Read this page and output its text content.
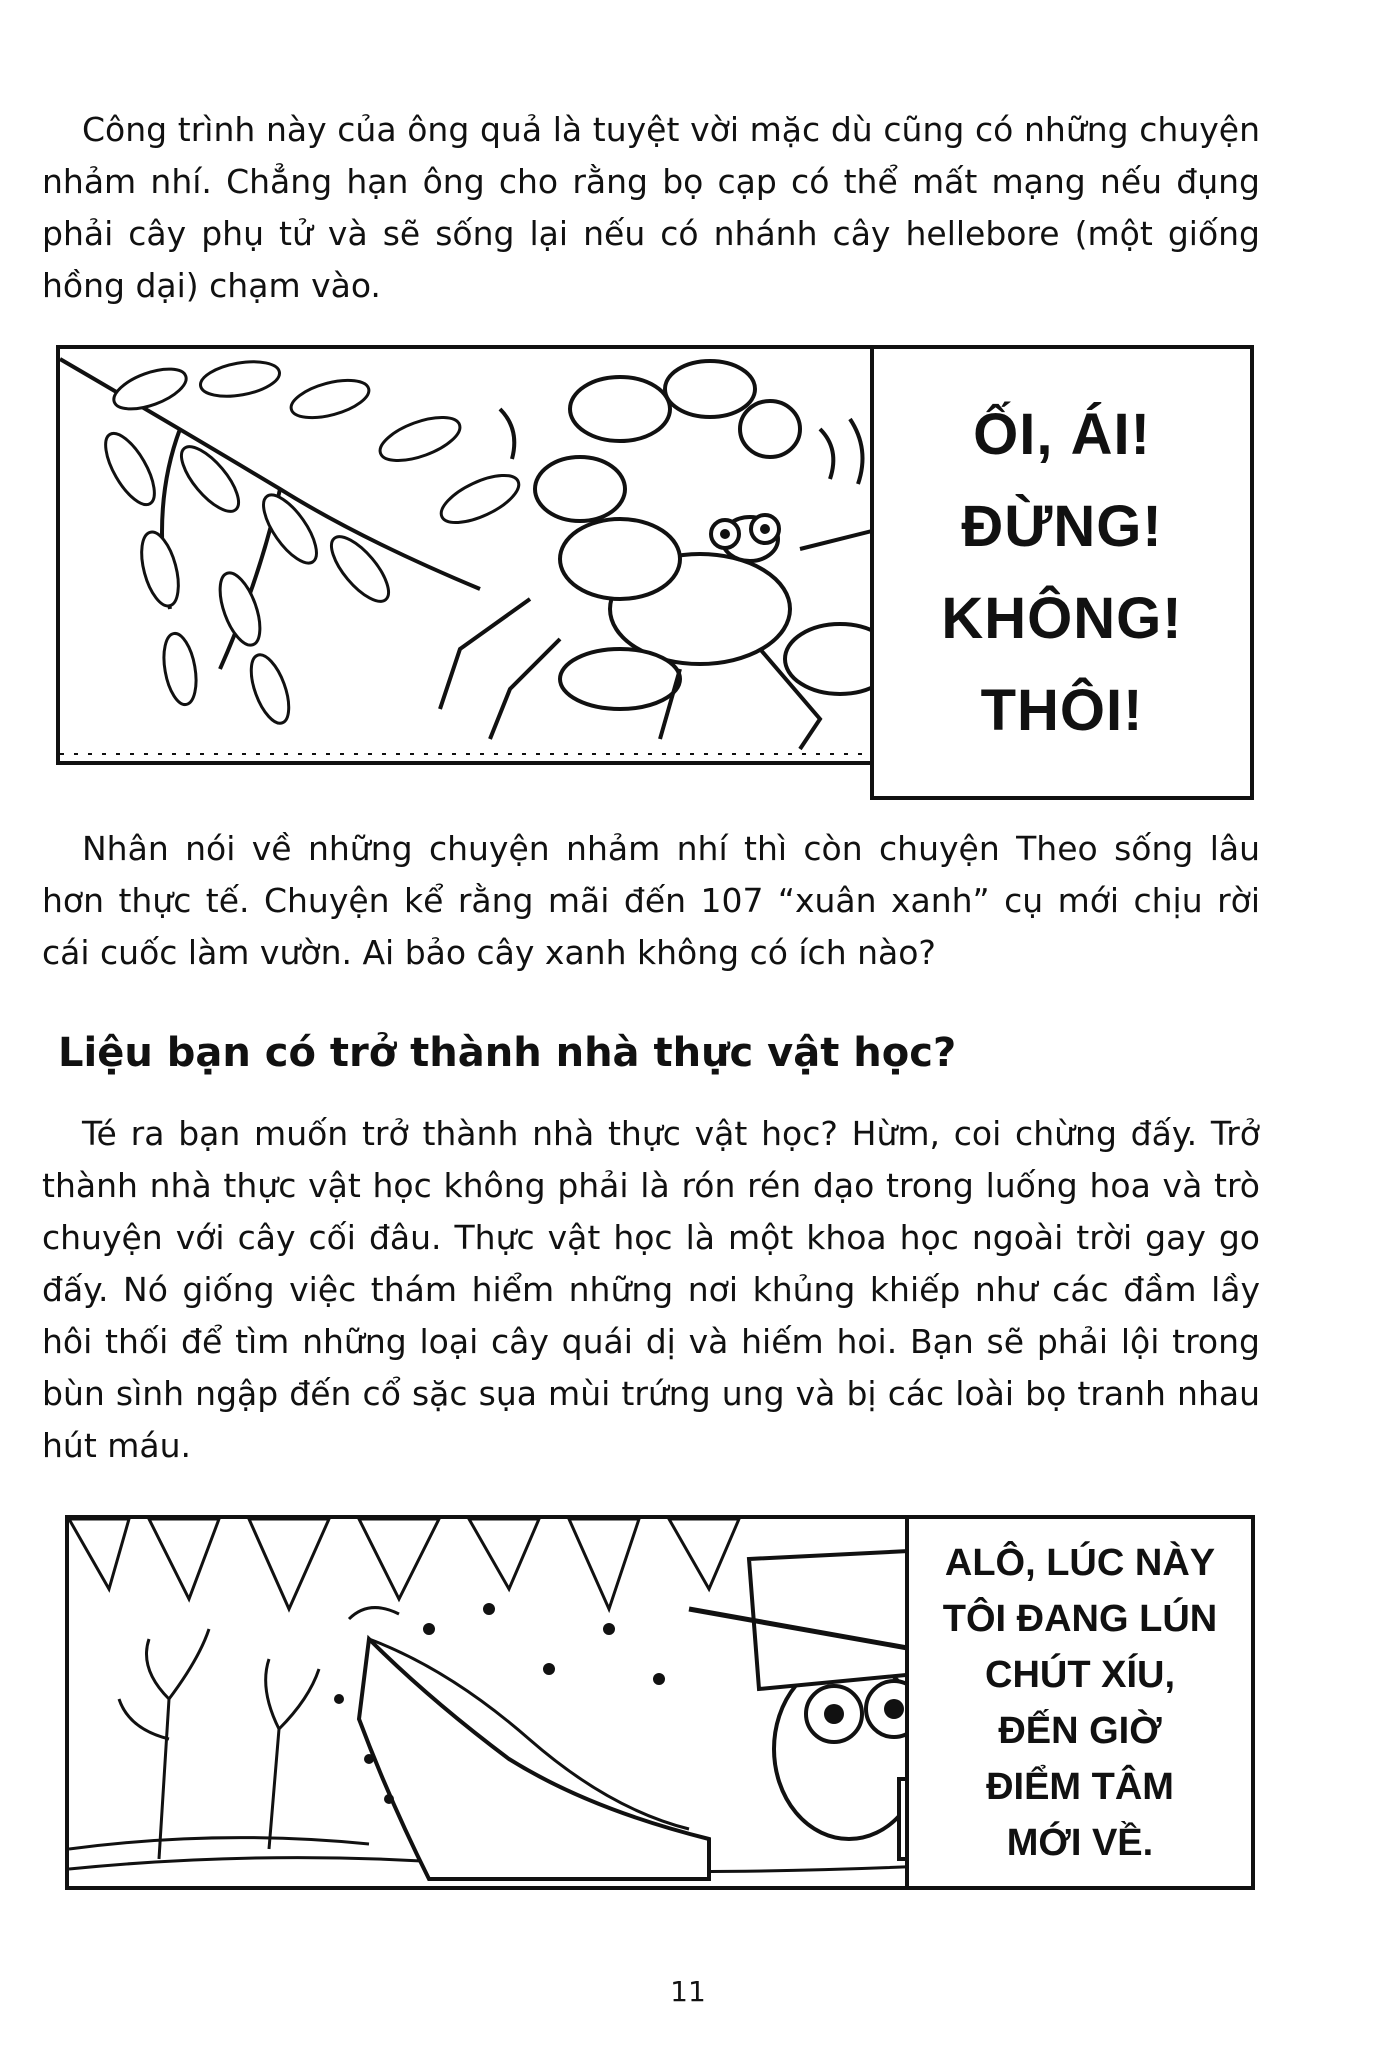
Công trình này của ông quả là tuyệt vời mặc dù cũng có những chuyện nhảm nhí. Chẳng hạn ông cho rằng bọ cạp có thể mất mạng nếu đụng phải cây phụ tử và sẽ sống lại nếu có nhánh cây hellebore (một giống hồng dại) chạm vào.

ỐI, ÁI!
ĐỪNG!
KHÔNG!
THÔI!

Nhân nói về những chuyện nhảm nhí thì còn chuyện Theo sống lâu hơn thực tế. Chuyện kể rằng mãi đến 107 “xuân xanh” cụ mới chịu rời cái cuốc làm vườn. Ai bảo cây xanh không có ích nào?

Liệu bạn có trở thành nhà thực vật học?

Té ra bạn muốn trở thành nhà thực vật học? Hừm, coi chừng đấy. Trở thành nhà thực vật học không phải là rón rén dạo trong luống hoa và trò chuyện với cây cối đâu. Thực vật học là một khoa học ngoài trời gay go đấy. Nó giống việc thám hiểm những nơi khủng khiếp như các đầm lầy hôi thối để tìm những loại cây quái dị và hiếm hoi. Bạn sẽ phải lội trong bùn sình ngập đến cổ sặc sụa mùi trứng ung và bị các loài bọ tranh nhau hút máu.

ALÔ, LÚC NÀY
TÔI ĐANG LÚN
CHÚT XÍU,
ĐẾN GIỜ
ĐIỂM TÂM
MỚI VỀ.
11
